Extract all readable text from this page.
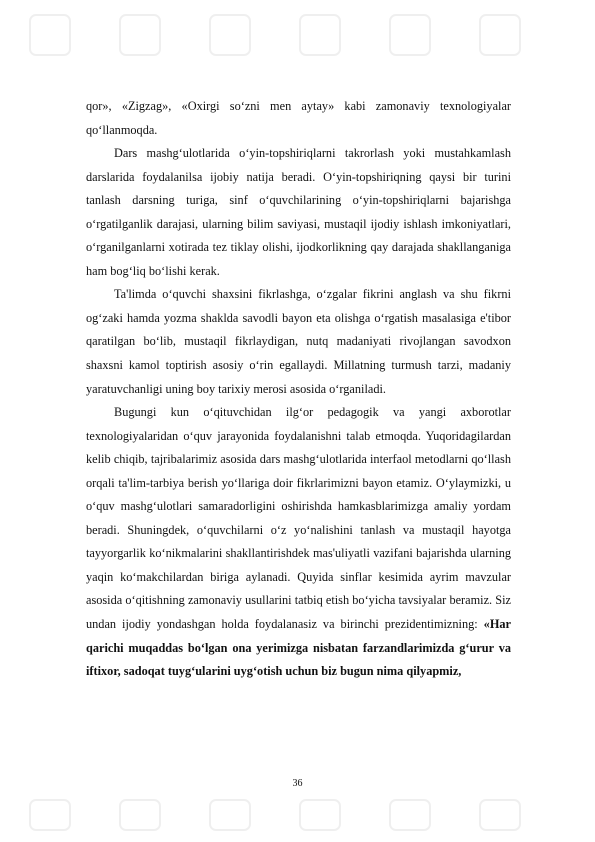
qor», «Zigzag», «Oxirgi so‘zni men aytay» kabi zamonaviy texnologiyalar qo‘llanmoqda.

Dars mashg‘ulotlarida o‘yin-topshiriqlarni takrorlash yoki mustahkamlash darslarida foydalanilsa ijobiy natija beradi. O‘yin-topshiriqning qaysi bir turini tanlash darsning turiga, sinf o‘quvchilarining o‘yin-topshiriqlarni bajarishga o‘rgatilganlik darajasi, ularning bilim saviyasi, mustaqil ijodiy ishlash imkoniyatlari, o‘rganilganlarni xotirada tez tiklay olishi, ijodkorlikning qay darajada shakllanganiga ham bog‘liq bo‘lishi kerak.

Ta'limda o‘quvchi shaxsini fikrlashga, o‘zgalar fikrini anglash va shu fikrni og‘zaki hamda yozma shaklda savodli bayon eta olishga o‘rgatish masalasiga e'tibor qaratilgan bo‘lib, mustaqil fikrlaydigan, nutq madaniyati rivojlangan savodxon shaxsni kamol toptirish asosiy o‘rin egallaydi. Millatning turmush tarzi, madaniy yaratuvchanligi uning boy tarixiy merosi asosida o‘rganiladi.

Bugungi kun o‘qituvchidan ilg‘or pedagogik va yangi axborotlar texnologiyalaridan o‘quv jarayonida foydalanishni talab etmoqda. Yuqoridagilardan kelib chiqib, tajribalarimiz asosida dars mashg‘ulotlarida interfaol metodlarni qo‘llash orqali ta'lim-tarbiya berish yo‘llariga doir fikrlarimizni bayon etamiz. O‘ylaymizki, u o‘quv mashg‘ulotlari samaradorligini oshirishda hamkasblarimizga amaliy yordam beradi. Shuningdek, o‘quvchilarni o‘z yo‘nalishini tanlash va mustaqil hayotga tayyorgarlik ko‘nikmalarini shakllantirishdek mas'uliyatli vazifani bajarishda ularning yaqin ko‘makchilardan biriga aylanadi. Quyida sinflar kesimida ayrim mavzular asosida o‘qitishning zamonaviy usullarini tatbiq etish bo‘yicha tavsiyalar beramiz. Siz undan ijodiy yondashgan holda foydalanasiz va birinchi prezidentimizning: «Har qarichi muqaddas bo‘lgan ona yerimizga nisbatan farzandlarimizda g‘urur va iftixor, sadoqat tuyg‘ularini uyg‘otish uchun biz bugun nima qilyapmiz,

36
